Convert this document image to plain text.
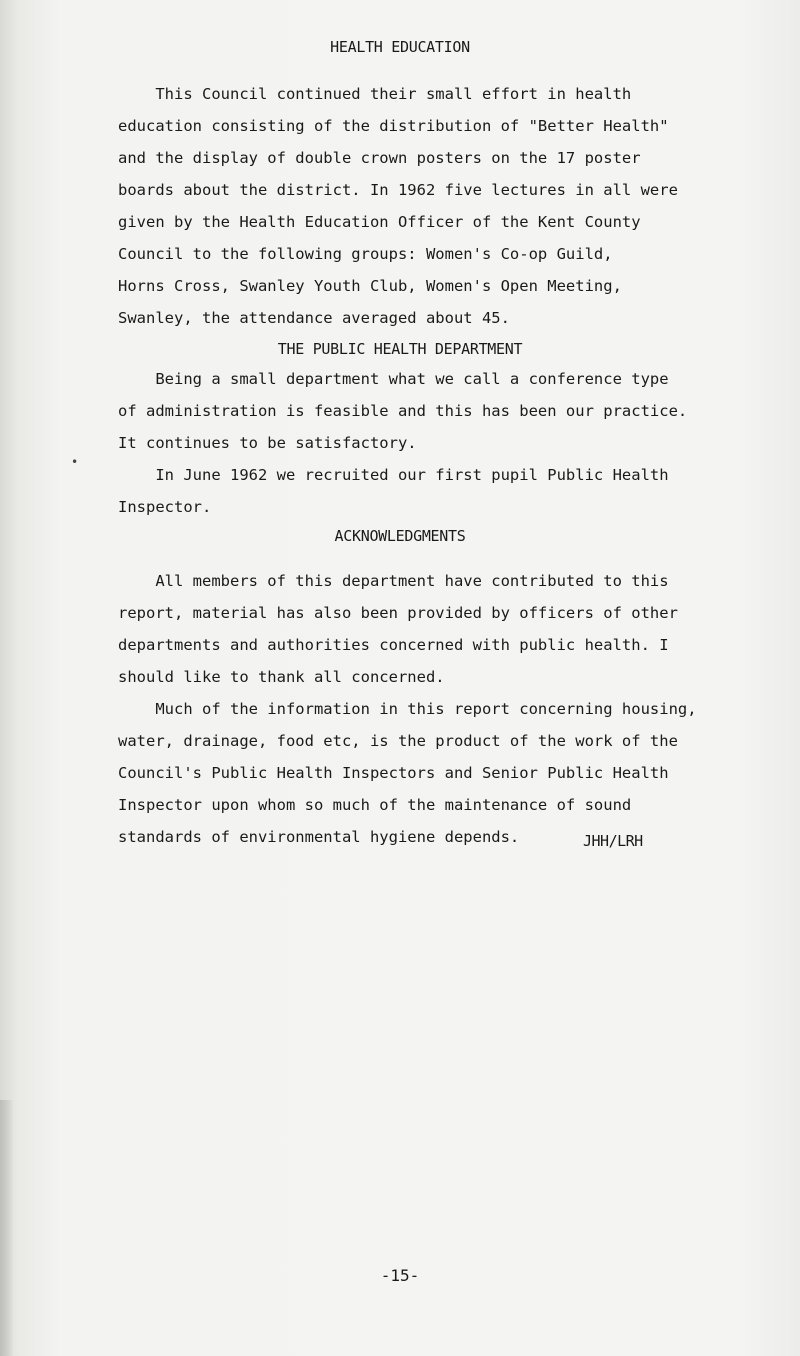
HEALTH EDUCATION
This Council continued their small effort in health
education consisting of the distribution of "Better Health"
and the display of double crown posters on the 17 poster
boards about the district. In 1962 five lectures in all were
given by the Health Education Officer of the Kent County
Council to the following groups: Women's Co-op Guild,
Horns Cross, Swanley Youth Club, Women's Open Meeting,
Swanley, the attendance averaged about 45.
THE PUBLIC HEALTH DEPARTMENT
Being a small department what we call a conference type
of administration is feasible and this has been our practice.
It continues to be satisfactory.
In June 1962 we recruited our first pupil Public Health
Inspector.
•
ACKNOWLEDGMENTS
All members of this department have contributed to this
report, material has also been provided by officers of other
departments and authorities concerned with public health. I
should like to thank all concerned.
Much of the information in this report concerning housing,
water, drainage, food etc, is the product of the work of the
Council's Public Health Inspectors and Senior Public Health
Inspector upon whom so much of the maintenance of sound
standards of environmental hygiene depends.	JHH/LRH
-15-
